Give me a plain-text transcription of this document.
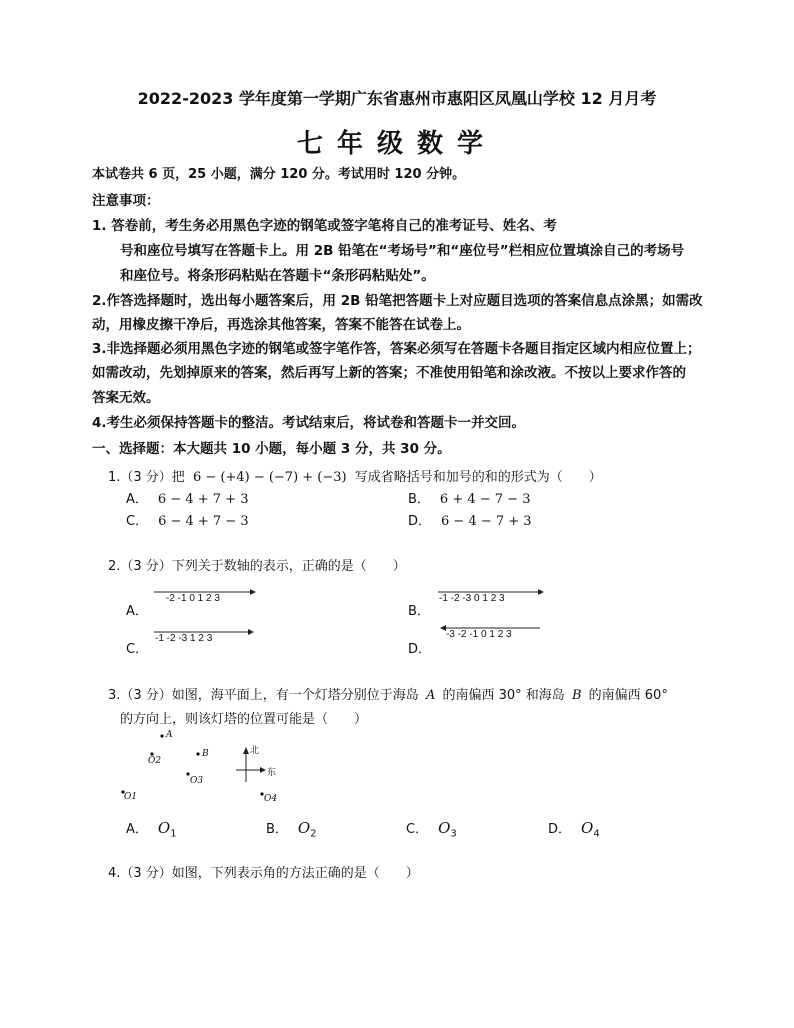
2022-2023 学年度第一学期广东省惠州市惠阳区凤凰山学校 12 月月考
七年级数学
本试卷共 6 页，25 小题，满分 120 分。考试用时 120 分钟。
注意事项：
1. 答卷前，考生务必用黑色字迹的钢笔或签字笔将自己的准考证号、姓名、考
号和座位号填写在答题卡上。用 2B 铅笔在“考场号”和“座位号”栏相应位置填涂自己的考场号
和座位号。将条形码粘贴在答题卡“条形码粘贴处”。
2.作答选择题时，选出每小题答案后，用 2B 铅笔把答题卡上对应题目选项的答案信息点涂黑；如需改
动，用橡皮擦干净后，再选涂其他答案，答案不能答在试卷上。
3.非选择题必须用黑色字迹的钢笔或签字笔作答，答案必须写在答题卡各题目指定区域内相应位置上；
如需改动，先划掉原来的答案，然后再写上新的答案；不准使用铅笔和涂改液。不按以上要求作答的
答案无效。
4.考生必须保持答题卡的整洁。考试结束后，将试卷和答题卡一并交回。
一、选择题：本大题共 10 小题，每小题 3 分，共 30 分。
1.（3 分）把 6 − (+4) − (−7) + (−3) 写成省略括号和加号的和的形式为（　　）
A． 6 − 4 + 7 + 3	B． 6 + 4 − 7 − 3
C． 6 − 4 + 7 − 3	D． 6 − 4 − 7 + 3
2.（3 分）下列关于数轴的表示，正确的是（　　）
A．
-2 -1 0 1 2 3
B．
-1 -2 -3 0 1 2 3
C．
-1 -2 -3 1 2 3
D．
-3 -2 -1 0 1 2 3
3.（3 分）如图，海平面上，有一个灯塔分别位于海岛 A 的南偏西 30° 和海岛 B 的南偏西 60°
的方向上，则该灯塔的位置可能是（　　）
A
O2
B
O3
O1	O4
北
东
A． $O_1$	B． $O_2$	C． $O_3$	D． $O_4$
4.（3 分）如图，下列表示角的方法正确的是（　　）
